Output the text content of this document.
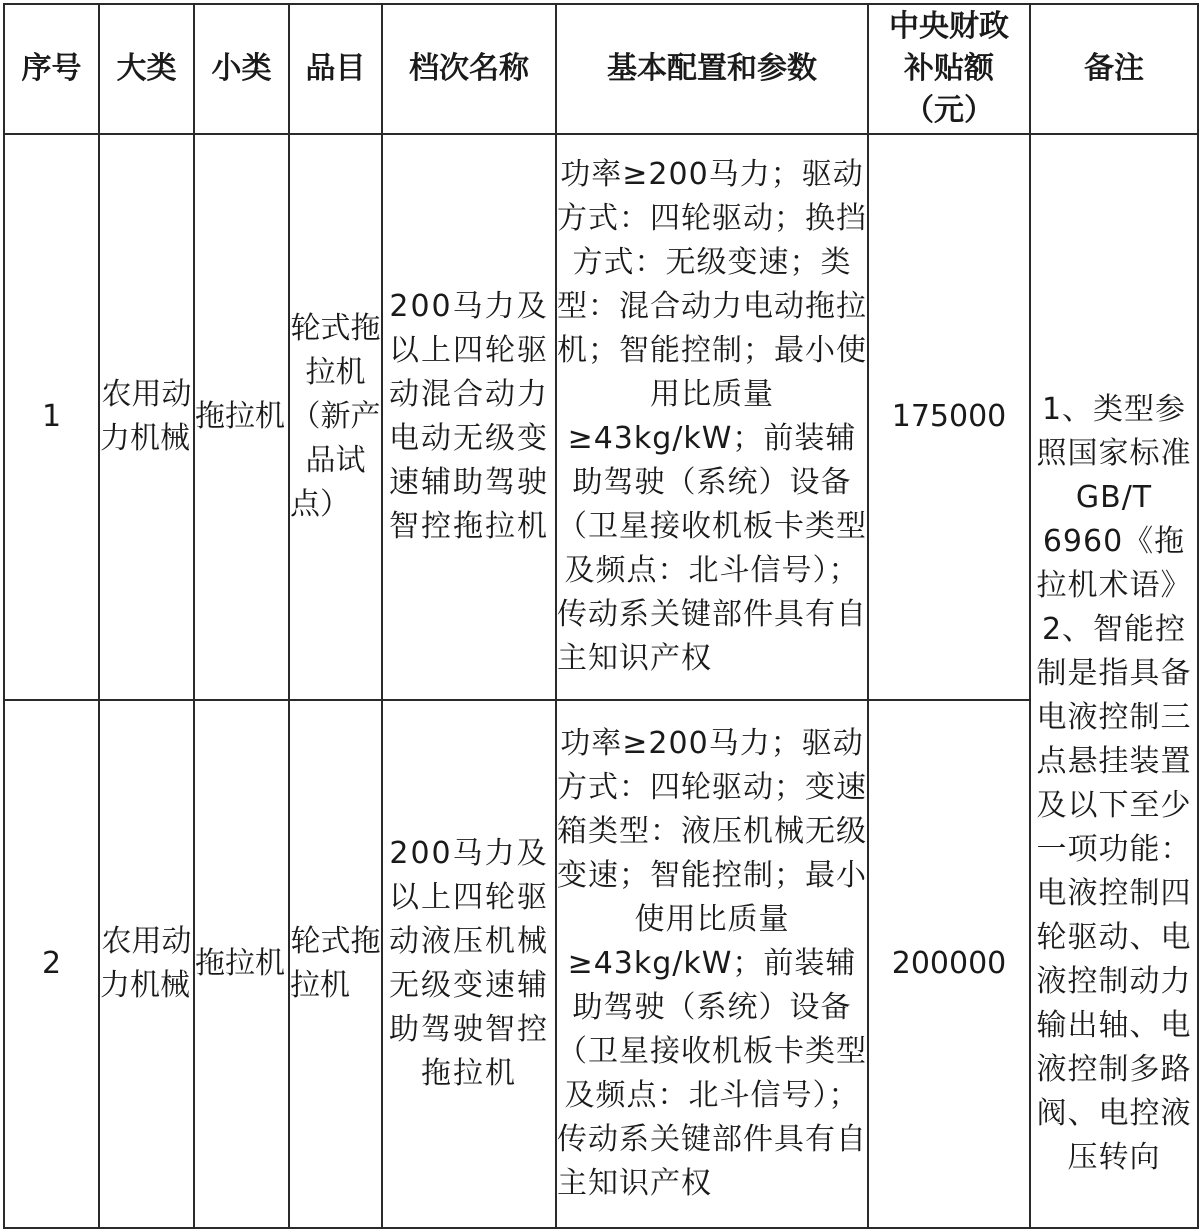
序号	大类	小类	品目	档次名称	基本配置和参数	中央财政补贴额（元）	备注
1	农用动力机械	拖拉机	轮式拖拉机（新产品试点）	200马力及以上四轮驱动混合动力电动无级变速辅助驾驶智控拖拉机	功率≥200马力；驱动方式：四轮驱动；换挡方式：无级变速；类型：混合动力电动拖拉机；智能控制；最小使用比质量≥43kg/kW；前装辅助驾驶（系统）设备（卫星接收机板卡类型及频点：北斗信号）；传动系关键部件具有自主知识产权	175000	1、类型参照国家标准GB/T 6960《拖拉机术语》 2、智能控制是指具备电液控制三点悬挂装置及以下至少一项功能：电液控制四轮驱动、电液控制动力输出轴、电液控制多路阀、电控液压转向

2	农用动力机械	拖拉机	轮式拖拉机	200马力及以上四轮驱动液压机械无级变速辅助驾驶智控拖拉机	功率≥200马力；驱动方式：四轮驱动；变速箱类型：液压机械无级变速；智能控制；最小使用比质量≥43kg/kW；前装辅助驾驶（系统）设备（卫星接收机板卡类型及频点：北斗信号）；传动系关键部件具有自主知识产权	200000	
